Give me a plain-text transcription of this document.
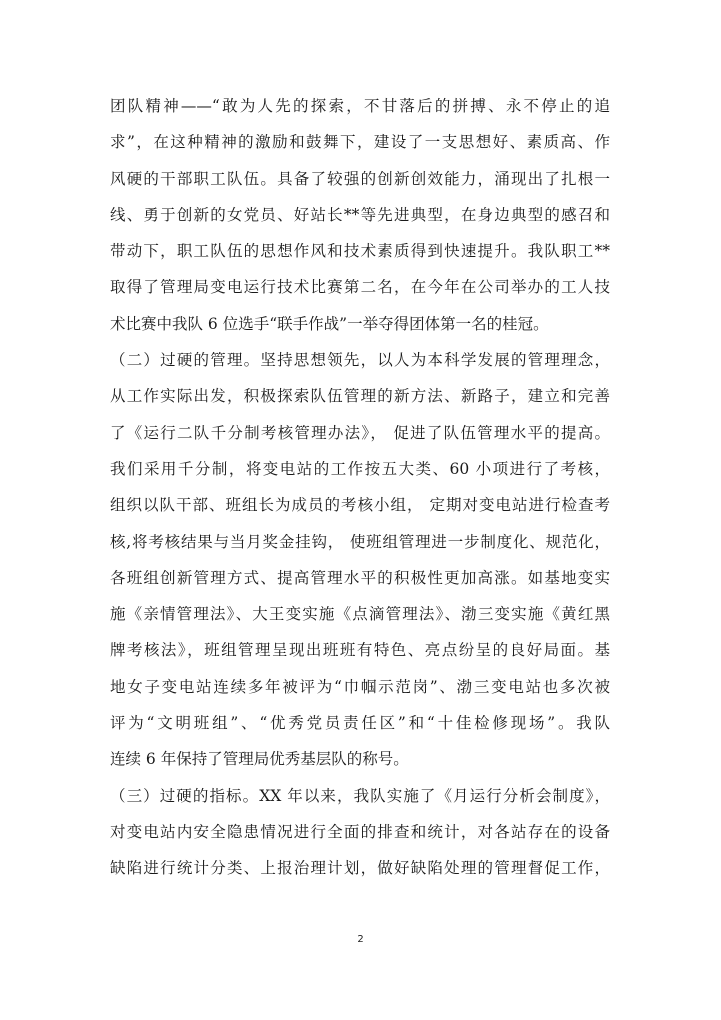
团队精神——“敢为人先的探索，不甘落后的拼搏、永不停止的追
求”，在这种精神的激励和鼓舞下，建设了一支思想好、素质高、作
风硬的干部职工队伍。具备了较强的创新创效能力，涌现出了扎根一
线、勇于创新的女党员、好站长**等先进典型，在身边典型的感召和
带动下，职工队伍的思想作风和技术素质得到快速提升。我队职工**
取得了管理局变电运行技术比赛第二名，在今年在公司举办的工人技
术比赛中我队 6 位选手“联手作战”一举夺得团体第一名的桂冠。
（二）过硬的管理。坚持思想领先，以人为本科学发展的管理理念，
从工作实际出发，积极探索队伍管理的新方法、新路子，建立和完善
了《运行二队千分制考核管理办法》， 促进了队伍管理水平的提高。
我们采用千分制，将变电站的工作按五大类、60 小项进行了考核，
组织以队干部、班组长为成员的考核小组， 定期对变电站进行检查考
核,将考核结果与当月奖金挂钩， 使班组管理进一步制度化、规范化，
各班组创新管理方式、提高管理水平的积极性更加高涨。如基地变实
施《亲情管理法》、大王变实施《点滴管理法》、渤三变实施《黄红黑
牌考核法》，班组管理呈现出班班有特色、亮点纷呈的良好局面。基
地女子变电站连续多年被评为“巾帼示范岗”、渤三变电站也多次被
评为“文明班组”、“优秀党员责任区”和“十佳检修现场”。我队
连续 6 年保持了管理局优秀基层队的称号。
（三）过硬的指标。XX 年以来，我队实施了《月运行分析会制度》，
对变电站内安全隐患情况进行全面的排查和统计，对各站存在的设备
缺陷进行统计分类、上报治理计划，做好缺陷处理的管理督促工作，
2
